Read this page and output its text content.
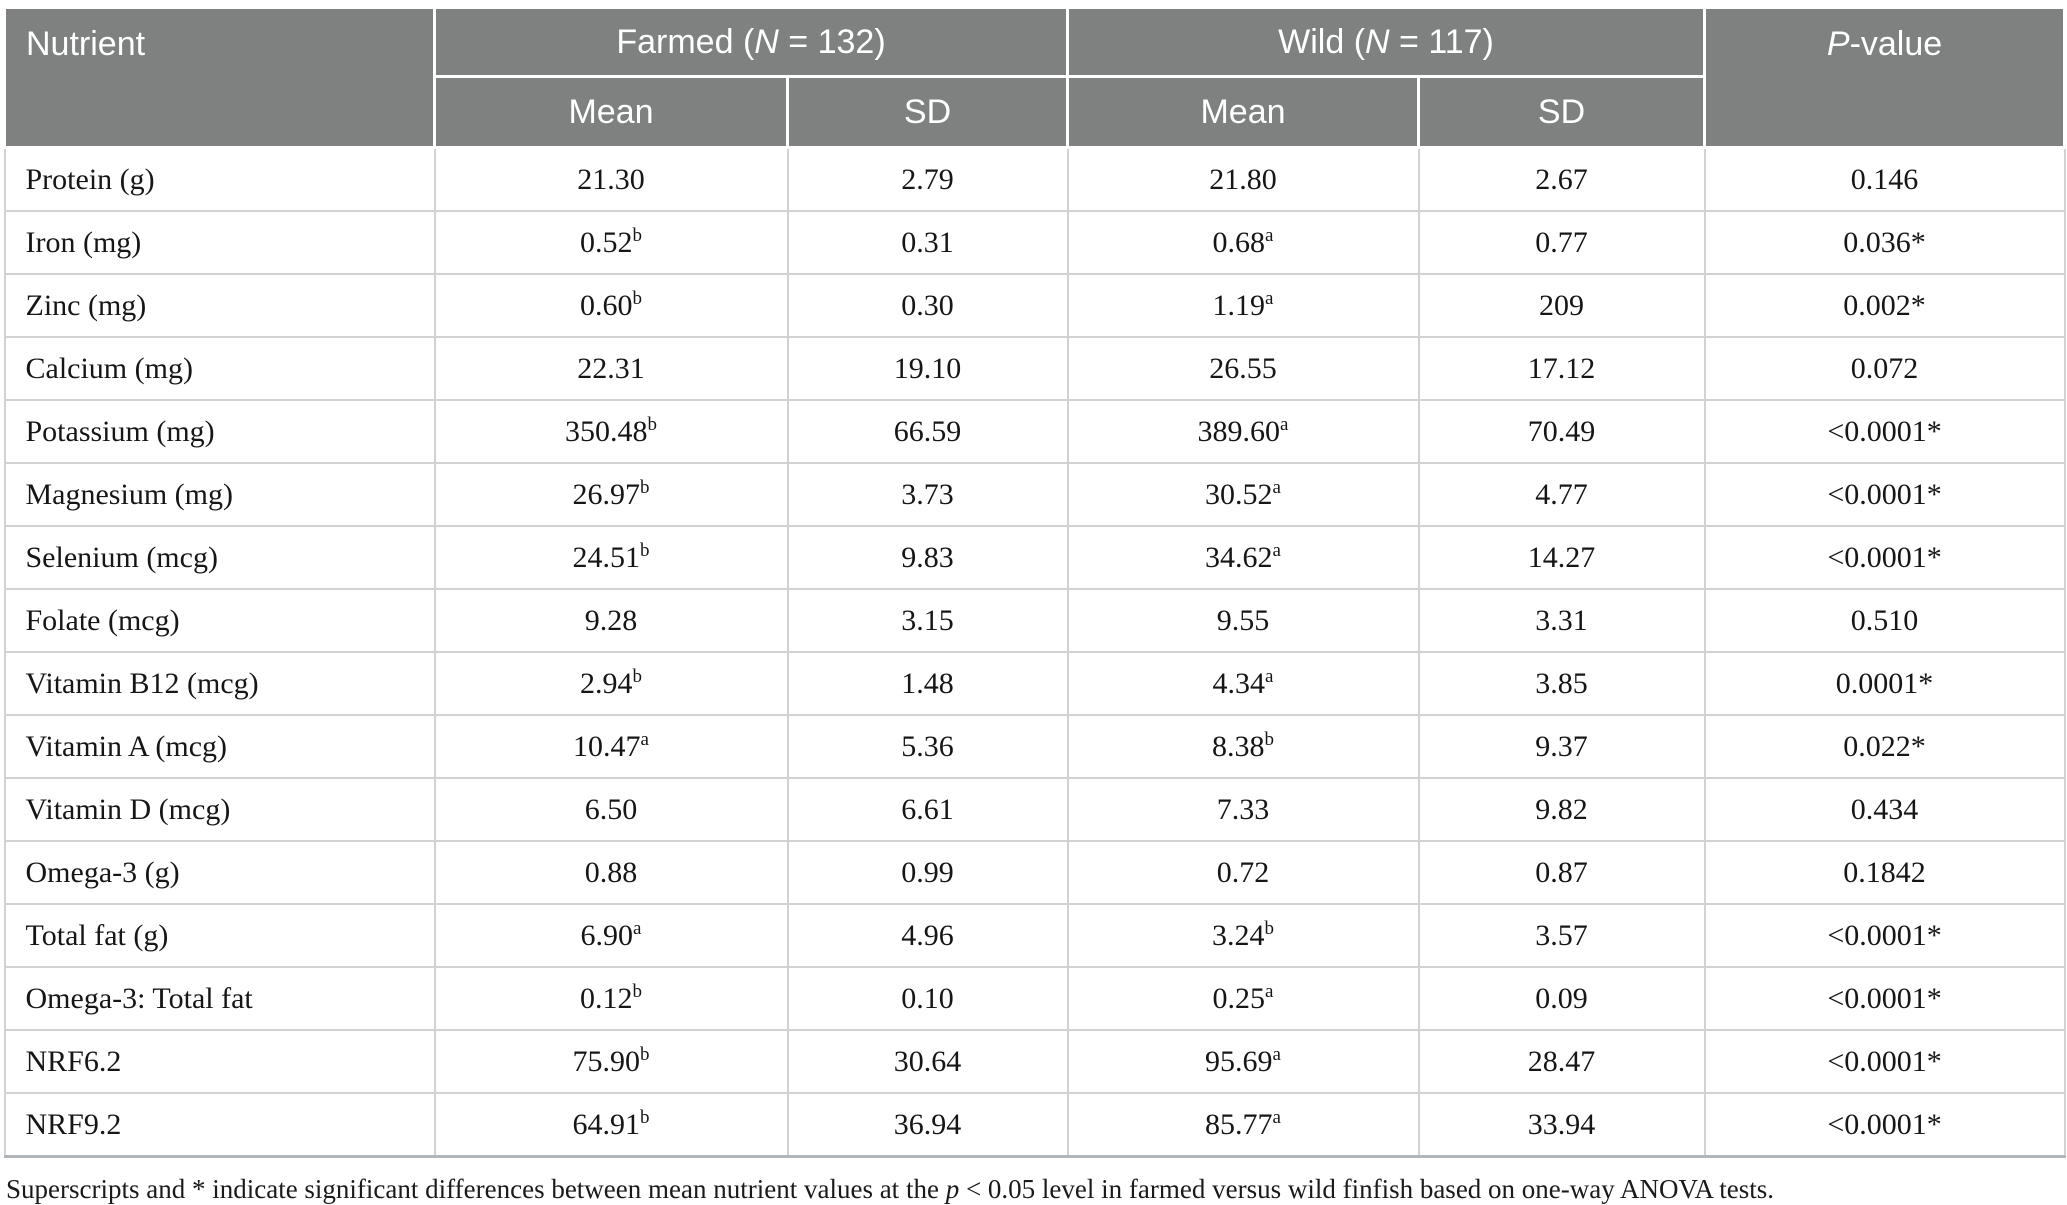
Nutrient	Farmed (N = 132)		Wild (N = 117)		P-value
	Mean	SD	Mean	SD	
Protein (g)	21.30	2.79	21.80	2.67	0.146
Iron (mg)	0.52$^b$	0.31	0.68$^a$	0.77	0.036*
Zinc (mg)	0.60$^b$	0.30	1.19$^a$	209	0.002*
Calcium (mg)	22.31	19.10	26.55	17.12	0.072
Potassium (mg)	350.48$^b$	66.59	389.60$^a$	70.49	<0.0001*
Magnesium (mg)	26.97$^b$	3.73	30.52$^a$	4.77	<0.0001*
Selenium (mcg)	24.51$^b$	9.83	34.62$^a$	14.27	<0.0001*
Folate (mcg)	9.28	3.15	9.55	3.31	0.510
Vitamin B12 (mcg)	2.94$^b$	1.48	4.34$^a$	3.85	0.0001*
Vitamin A (mcg)	10.47$^a$	5.36	8.38$^b$	9.37	0.022*
Vitamin D (mcg)	6.50	6.61	7.33	9.82	0.434
Omega-3 (g)	0.88	0.99	0.72	0.87	0.1842
Total fat (g)	6.90$^a$	4.96	3.24$^b$	3.57	<0.0001*
Omega-3: Total fat	0.12$^b$	0.10	0.25$^a$	0.09	<0.0001*
NRF6.2	75.90$^b$	30.64	95.69$^a$	28.47	<0.0001*
NRF9.2	64.91$^b$	36.94	85.77$^a$	33.94	<0.0001*
Superscripts and * indicate significant differences between mean nutrient values at the p < 0.05 level in farmed versus wild finfish based on one-way ANOVA tests.
